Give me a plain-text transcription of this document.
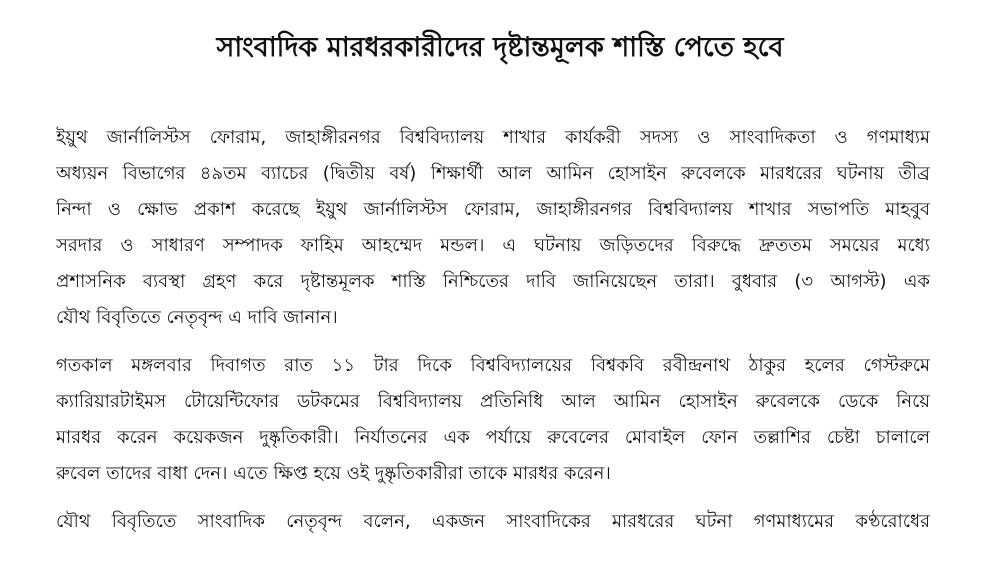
সাংবাদিক মারধরকারীদের দৃষ্টান্তমূলক শাস্তি পেতে হবে

ইয়ুথ জার্নালিস্টস ফোরাম, জাহাঙ্গীরনগর বিশ্ববিদ্যালয় শাখার কার্যকরী সদস্য ও সাংবাদিকতা ও গণমাধ্যম
অধ্যয়ন বিভাগের ৪৯তম ব্যাচের (দ্বিতীয় বর্ষ) শিক্ষার্থী আল আমিন হোসাইন রুবেলকে মারধরের ঘটনায় তীব্র
নিন্দা ও ক্ষোভ প্রকাশ করেছে ইয়ুথ জার্নালিস্টস ফোরাম, জাহাঙ্গীরনগর বিশ্ববিদ্যালয় শাখার সভাপতি মাহবুব
সরদার ও সাধারণ সম্পাদক ফাহিম আহম্মেদ মন্ডল। এ ঘটনায় জড়িতদের বিরুদ্ধে দ্রুততম সময়ের মধ্যে
প্রশাসনিক ব্যবস্থা গ্রহণ করে দৃষ্টান্তমূলক শাস্তি নিশ্চিতের দাবি জানিয়েছেন তারা। বুধবার (৩ আগস্ট) এক
যৌথ বিবৃতিতে নেতৃবৃন্দ এ দাবি জানান।

গতকাল মঙ্গলবার দিবাগত রাত ১১ টার দিকে বিশ্ববিদ্যালয়ের বিশ্বকবি রবীন্দ্রনাথ ঠাকুর হলের গেস্টরুমে
ক্যারিয়ারটাইমস টোয়েন্টিফোর ডটকমের বিশ্ববিদ্যালয় প্রতিনিধি আল আমিন হোসাইন রুবেলকে ডেকে নিয়ে
মারধর করেন কয়েকজন দুষ্কৃতিকারী। নির্যাতনের এক পর্যায়ে রুবেলের মোবাইল ফোন তল্লাশির চেষ্টা চালালে
রুবেল তাদের বাধা দেন। এতে ক্ষিপ্ত হয়ে ওই দুষ্কৃতিকারীরা তাকে মারধর করেন।

যৌথ বিবৃতিতে সাংবাদিক নেতৃবৃন্দ বলেন, একজন সাংবাদিকের মারধরের ঘটনা গণমাধ্যমের কণ্ঠরোধের
